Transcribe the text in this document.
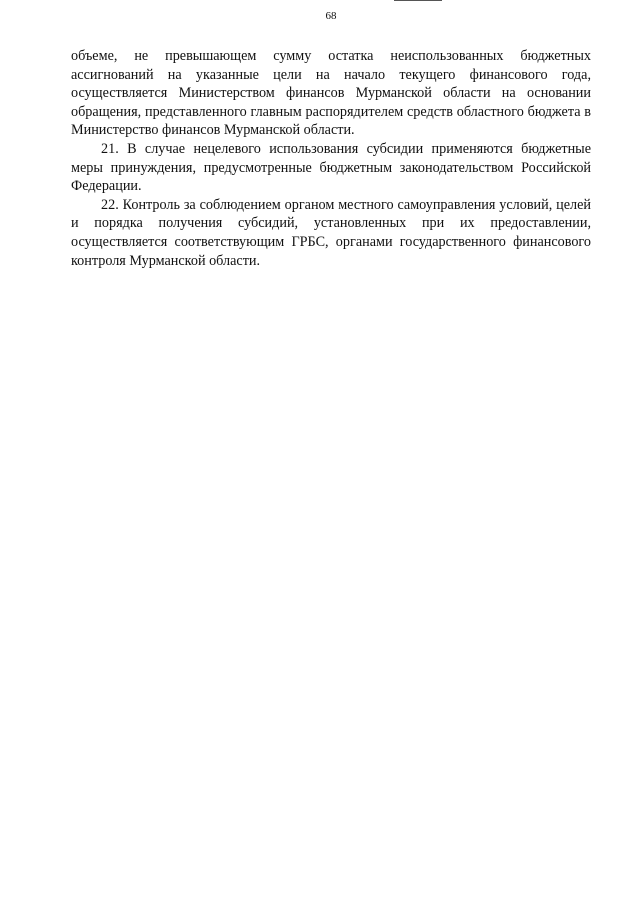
68

объеме, не превышающем сумму остатка неиспользованных бюджетных ассигнований на указанные цели на начало текущего финансового года, осуществляется Министерством финансов Мурманской области на основании обращения, представленного главным распорядителем средств областного бюджета в Министерство финансов Мурманской области.

21. В случае нецелевого использования субсидии применяются бюджетные меры принуждения, предусмотренные бюджетным законодательством Российской Федерации.

22. Контроль за соблюдением органом местного самоуправления условий, целей и порядка получения субсидий, установленных при их предоставлении, осуществляется соответствующим ГРБС, органами государственного финансового контроля Мурманской области.
